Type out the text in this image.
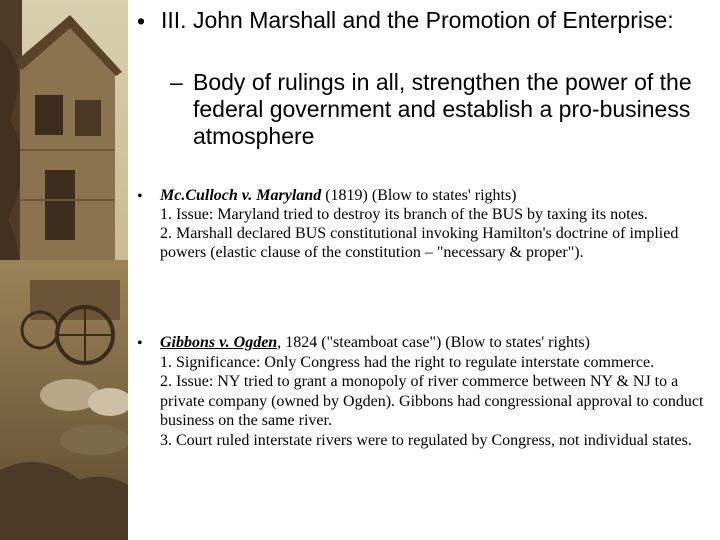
• III. John Marshall and the Promotion of Enterprise:
– Body of rulings in all, strengthen the power of the federal government and establish a pro-business atmosphere
• Mc.Culloch v. Maryland (1819) (Blow to states' rights)
1. Issue: Maryland tried to destroy its branch of the BUS by taxing its notes.
2. Marshall declared BUS constitutional invoking Hamilton's doctrine of implied powers (elastic clause of the constitution – "necessary & proper").
• Gibbons v. Ogden, 1824 ("steamboat case") (Blow to states' rights)
1. Significance: Only Congress had the right to regulate interstate commerce.
2. Issue: NY tried to grant a monopoly of river commerce between NY & NJ to a private company (owned by Ogden). Gibbons had congressional approval to conduct business on the same river.
3. Court ruled interstate rivers were to regulated by Congress, not individual states.
